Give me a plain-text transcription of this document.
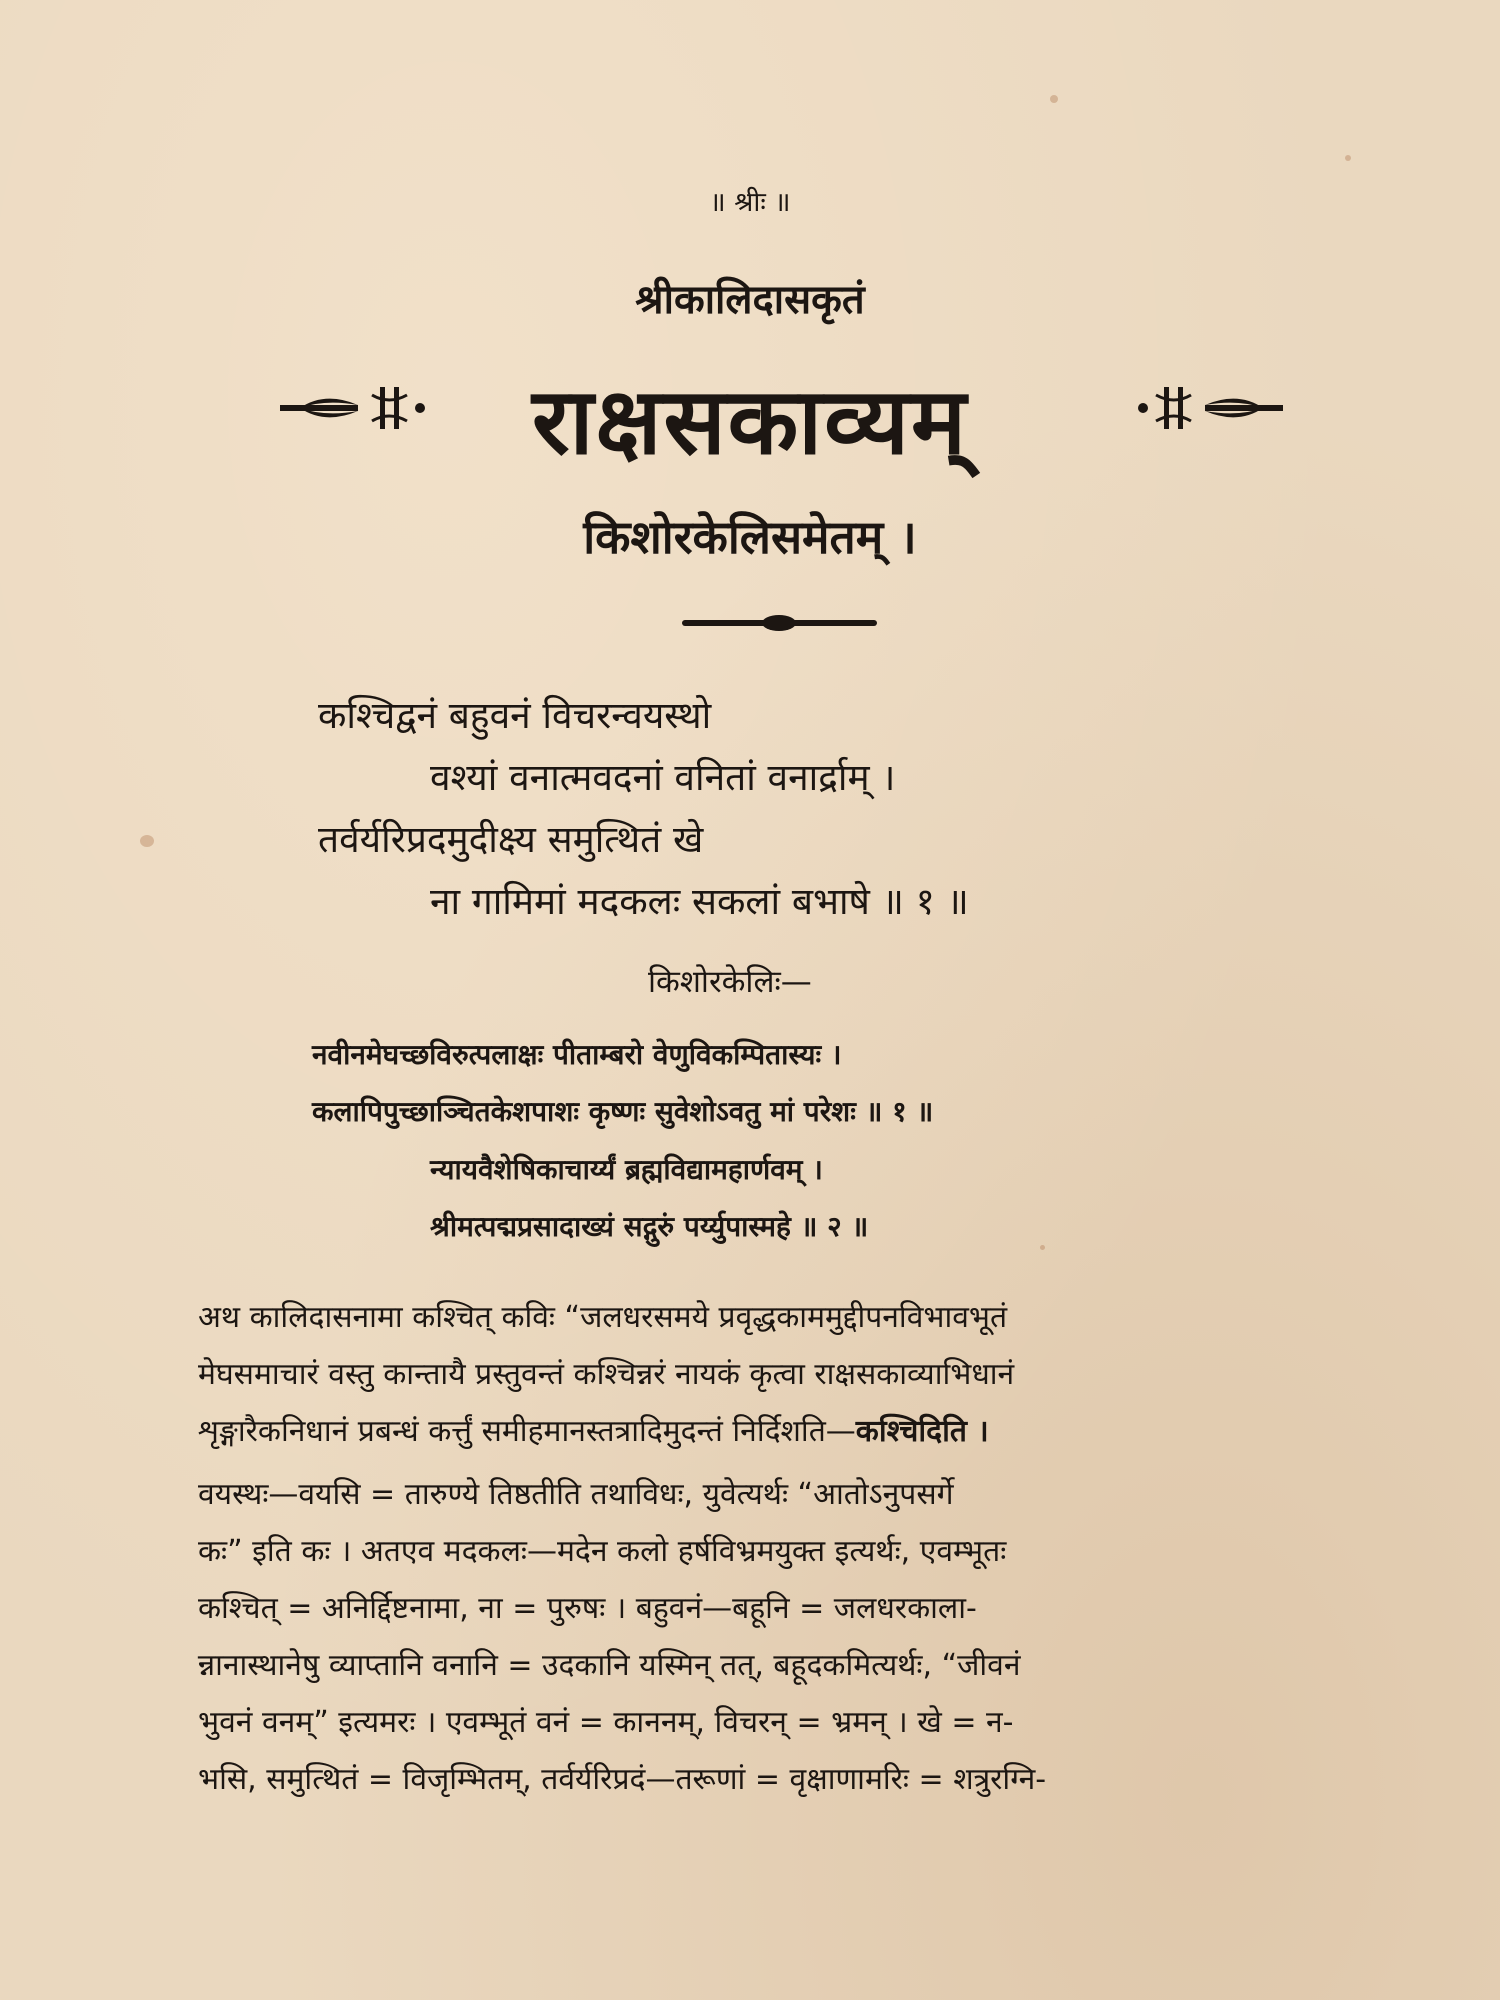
॥ श्रीः ॥
श्रीकालिदासकृतं
राक्षसकाव्यम्
किशोरकेलिसमेतम् ।
कश्चिद्वनं बहुवनं विचरन्वयस्थो
वश्यां वनात्मवदनां वनितां वनार्द्राम् ।
तर्वर्यरिप्रदमुदीक्ष्य समुत्थितं खे
ना गामिमां मदकलः सकलां बभाषे ॥ १ ॥
किशोरकेलिः—
नवीनमेघच्छविरुत्पलाक्षः पीताम्बरो वेणुविकम्पितास्यः ।
कलापिपुच्छाञ्चितकेशपाशः कृष्णः सुवेशोऽवतु मां परेशः ॥ १ ॥
न्यायवैशेषिकाचार्य्यं ब्रह्मविद्यामहार्णवम् ।
श्रीमत्पद्मप्रसादाख्यं सद्गुरुं पर्य्युपास्महे ॥ २ ॥
अथ कालिदासनामा कश्चित् कविः “जलधरसमये प्रवृद्धकाममुद्दीपनविभावभूतं
मेघसमाचारं वस्तु कान्तायै प्रस्तुवन्तं कश्चिन्नरं नायकं कृत्वा राक्षसकाव्याभिधानं
शृङ्गारैकनिधानं प्रबन्धं कर्त्तुं समीहमानस्तत्रादिमुदन्तं निर्दिशति—कश्चिदिति ।
वयस्थः—वयसि = तारुण्ये तिष्ठतीति तथाविधः, युवेत्यर्थः “आतोऽनुपसर्गे
कः” इति कः । अतएव मदकलः—मदेन कलो हर्षविभ्रमयुक्त इत्यर्थः, एवम्भूतः
कश्चित् = अनिर्द्दिष्टनामा, ना = पुरुषः । बहुवनं—बहूनि = जलधरकाला-
न्नानास्थानेषु व्याप्तानि वनानि = उदकानि यस्मिन् तत्, बहूदकमित्यर्थः, “जीवनं
भुवनं वनम्” इत्यमरः । एवम्भूतं वनं = काननम्, विचरन् = भ्रमन् । खे = न-
भसि, समुत्थितं = विजृम्भितम्, तर्वर्यरिप्रदं—तरूणां = वृक्षाणामरिः = शत्रुरग्नि-
